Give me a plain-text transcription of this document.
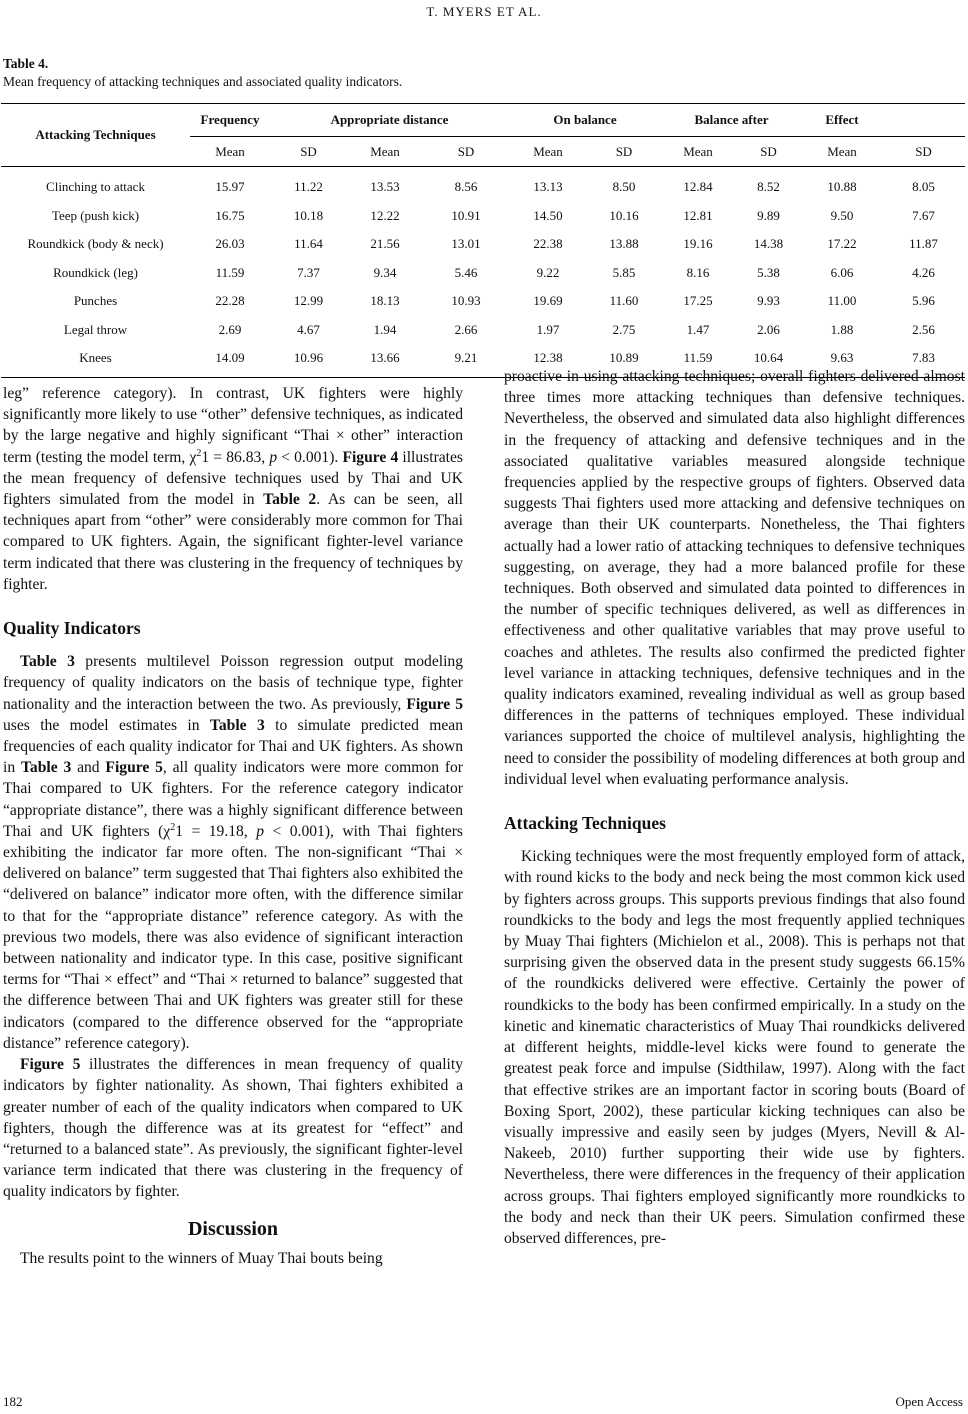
T. MYERS ET AL.
Table 4.
Mean frequency of attacking techniques and associated quality indicators.
Attacking Techniques	Frequency	Appropriate distance			On balance		Balance after		Effect		
	Mean	SD	Mean	SD	Mean	SD	Mean	SD	Mean	SD	
Clinching to attack	15.97	11.22	13.53	8.56	13.13	8.50	12.84	8.52	10.88	8.05	
Teep (push kick)	16.75	10.18	12.22	10.91	14.50	10.16	12.81	9.89	9.50	7.67	
Roundkick (body & neck)	26.03	11.64	21.56	13.01	22.38	13.88	19.16	14.38	17.22	11.87	
Roundkick (leg)	11.59	7.37	9.34	5.46	9.22	5.85	8.16	5.38	6.06	4.26	
Punches	22.28	12.99	18.13	10.93	19.69	11.60	17.25	9.93	11.00	5.96	
Legal throw	2.69	4.67	1.94	2.66	1.97	2.75	1.47	2.06	1.88	2.56	
Knees	14.09	10.96	13.66	9.21	12.38	10.89	11.59	10.64	9.63	7.83	

leg” reference category). In contrast, UK fighters were highly significantly more likely to use “other” defensive techniques, as indicated by the large negative and highly significant “Thai × other” interaction term (testing the model term, $\chi^21 = 86.83$, p < 0.001). Figure 4 illustrates the mean frequency of defensive techniques used by Thai and UK fighters simulated from the model in Table 2. As can be seen, all techniques apart from “other” were considerably more common for Thai compared to UK fighters. Again, the significant fighter-level variance term indicated that there was clustering in the frequency of techniques by fighter.

Quality Indicators

Table 3 presents multilevel Poisson regression output modeling frequency of quality indicators on the basis of technique type, fighter nationality and the interaction between the two. As previously, Figure 5 uses the model estimates in Table 3 to simulate predicted mean frequencies of each quality indicator for Thai and UK fighters. As shown in Table 3 and Figure 5, all quality indicators were more common for Thai compared to UK fighters. For the reference category indicator “appropriate distance”, there was a highly significant difference between Thai and UK fighters ($\chi^21 = 19.18$, p < 0.001), with Thai fighters exhibiting the indicator far more often. The non-significant “Thai × delivered on balance” term suggested that Thai fighters also exhibited the “delivered on balance” indicator more often, with the difference similar to that for the “appropriate distance” reference category. As with the previous two models, there was also evidence of significant interaction between nationality and indicator type. In this case, positive significant terms for “Thai × effect” and “Thai × returned to balance” suggested that the difference between Thai and UK fighters was greater still for these indicators (compared to the difference observed for the “appropriate distance” reference category).

Figure 5 illustrates the differences in mean frequency of quality indicators by fighter nationality. As shown, Thai fighters exhibited a greater number of each of the quality indicators when compared to UK fighters, though the difference was at its greatest for “effect” and “returned to a balanced state”. As previously, the significant fighter-level variance term indicated that there was clustering in the frequency of quality indicators by fighter.

Discussion

The results point to the winners of Muay Thai bouts being

proactive in using attacking techniques; overall fighters delivered almost three times more attacking techniques than defensive techniques. Nevertheless, the observed and simulated data also highlight differences in the frequency of attacking and defensive techniques and in the associated qualitative variables measured alongside technique frequencies applied by the respective groups of fighters. Observed data suggests Thai fighters used more attacking and defensive techniques on average than their UK counterparts. Nonetheless, the Thai fighters actually had a lower ratio of attacking techniques to defensive techniques suggesting, on average, they had a more balanced profile for these techniques. Both observed and simulated data pointed to differences in the number of specific techniques delivered, as well as differences in effectiveness and other qualitative variables that may prove useful to coaches and athletes. The results also confirmed the predicted fighter level variance in attacking techniques, defensive techniques and in the quality indicators examined, revealing individual as well as group based differences in the patterns of techniques employed. These individual variances supported the choice of multilevel analysis, highlighting the need to consider the possibility of modeling differences at both group and individual level when evaluating performance analysis.

Attacking Techniques

Kicking techniques were the most frequently employed form of attack, with round kicks to the body and neck being the most common kick used by fighters across groups. This supports previous findings that also found roundkicks to the body and legs the most frequently applied techniques by Muay Thai fighters (Michielon et al., 2008). This is perhaps not that surprising given the observed data in the present study suggests 66.15% of the roundkicks delivered were effective. Certainly the power of roundkicks to the body has been confirmed empirically. In a study on the kinetic and kinematic characteristics of Muay Thai roundkicks delivered at different heights, middle-level kicks were found to generate the greatest peak force and impulse (Sidthilaw, 1997). Along with the fact that effective strikes are an important factor in scoring bouts (Board of Boxing Sport, 2002), these particular kicking techniques can also be visually impressive and easily seen by judges (Myers, Nevill & Al-Nakeeb, 2010) further supporting their wide use by fighters. Nevertheless, there were differences in the frequency of their application across groups. Thai fighters employed significantly more roundkicks to the body and neck than their UK peers. Simulation confirmed these observed differences, pre-

182	Open Access
